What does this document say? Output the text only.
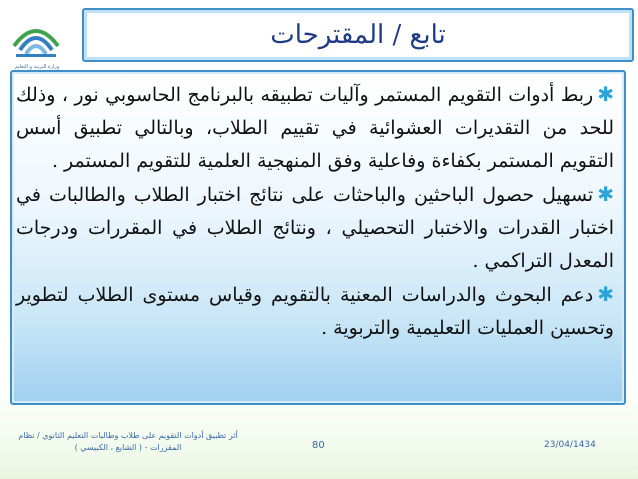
وزارة التربية و التعليم
تابع / المقترحات
✱ربط أدوات التقويم المستمر وآليات تطبيقه بالبرنامج الحاسوبي نور ، وذلك للحد من التقديرات العشوائية في تقييم الطلاب، وبالتالي تطبيق أسس التقويم المستمر بكفاءة وفاعلية وفق المنهجية العلمية للتقويم المستمر .
✱تسهيل حصول الباحثين والباحثات على نتائج اختبار الطلاب والطالبات في اختبار القدرات والاختبار التحصيلي ، ونتائج الطلاب في المقررات ودرجات المعدل التراكمي .
✱دعم البحوث والدراسات المعنية بالتقويم وقياس مستوى الطلاب لتطوير وتحسين العمليات التعليمية والتربوية .
أثر تطبيق أدوات التقويم على طلاب وطالبات التعليم الثانوي / نظام
المقررات - ( الشايع ، الكبيسي )	80	23/04/1434
